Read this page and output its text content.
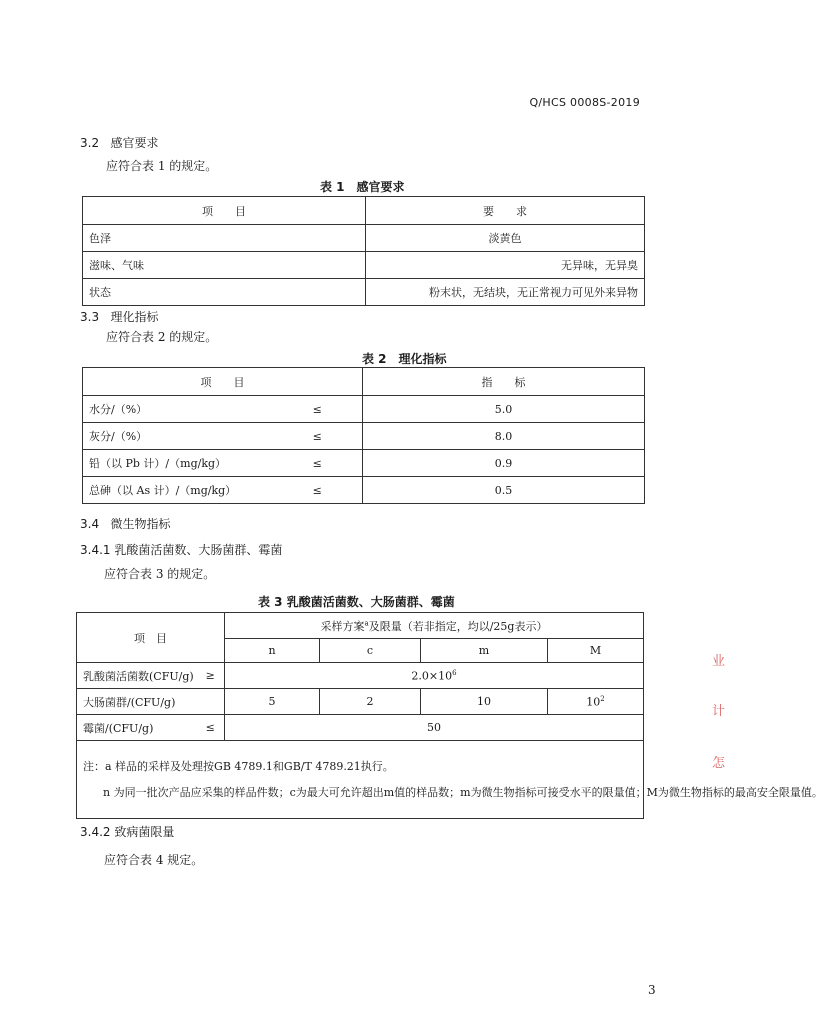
Q/HCS 0008S-2019
3.2 感官要求
应符合表 1 的规定。
表 1　感官要求
项　　目	要　　求
色泽	淡黄色
滋味、气味	无异味，无异臭
状态	粉末状，无结块，无正常视力可见外来异物
3.3 理化指标
应符合表 2 的规定。
表 2　理化指标
项　　目		指　　标
水分/（%）	≤	5.0
灰分/（%）	≤	8.0
铅（以 Pb 计）/（mg/kg）	≤	0.9
总砷（以 As 计）/（mg/kg）	≤	0.5
3.4 微生物指标
3.4.1 乳酸菌活菌数、大肠菌群、霉菌
应符合表 3 的规定。
表 3 乳酸菌活菌数、大肠菌群、霉菌
项　目		采样方案$^a$及限量（若非指定，均以/25g表示）			
		n	c	m	M
乳酸菌活菌数(CFU/g)	≥	$2.0\times 10^6$
大肠菌群/(CFU/g)		5	2	10	$10^2$
霉菌/(CFU/g)	≤	50			

注：a 样品的采样及处理按GB 4789.1和GB/T 4789.21执行。
n 为同一批次产品应采集的样品件数；c为最大可允许超出m值的样品数；m为微生物指标可接受水平的限量值；M为微生物指标的最高安全限量值。					
3.4.2 致病菌限量
应符合表 4 规定。
3
业
计
怎
